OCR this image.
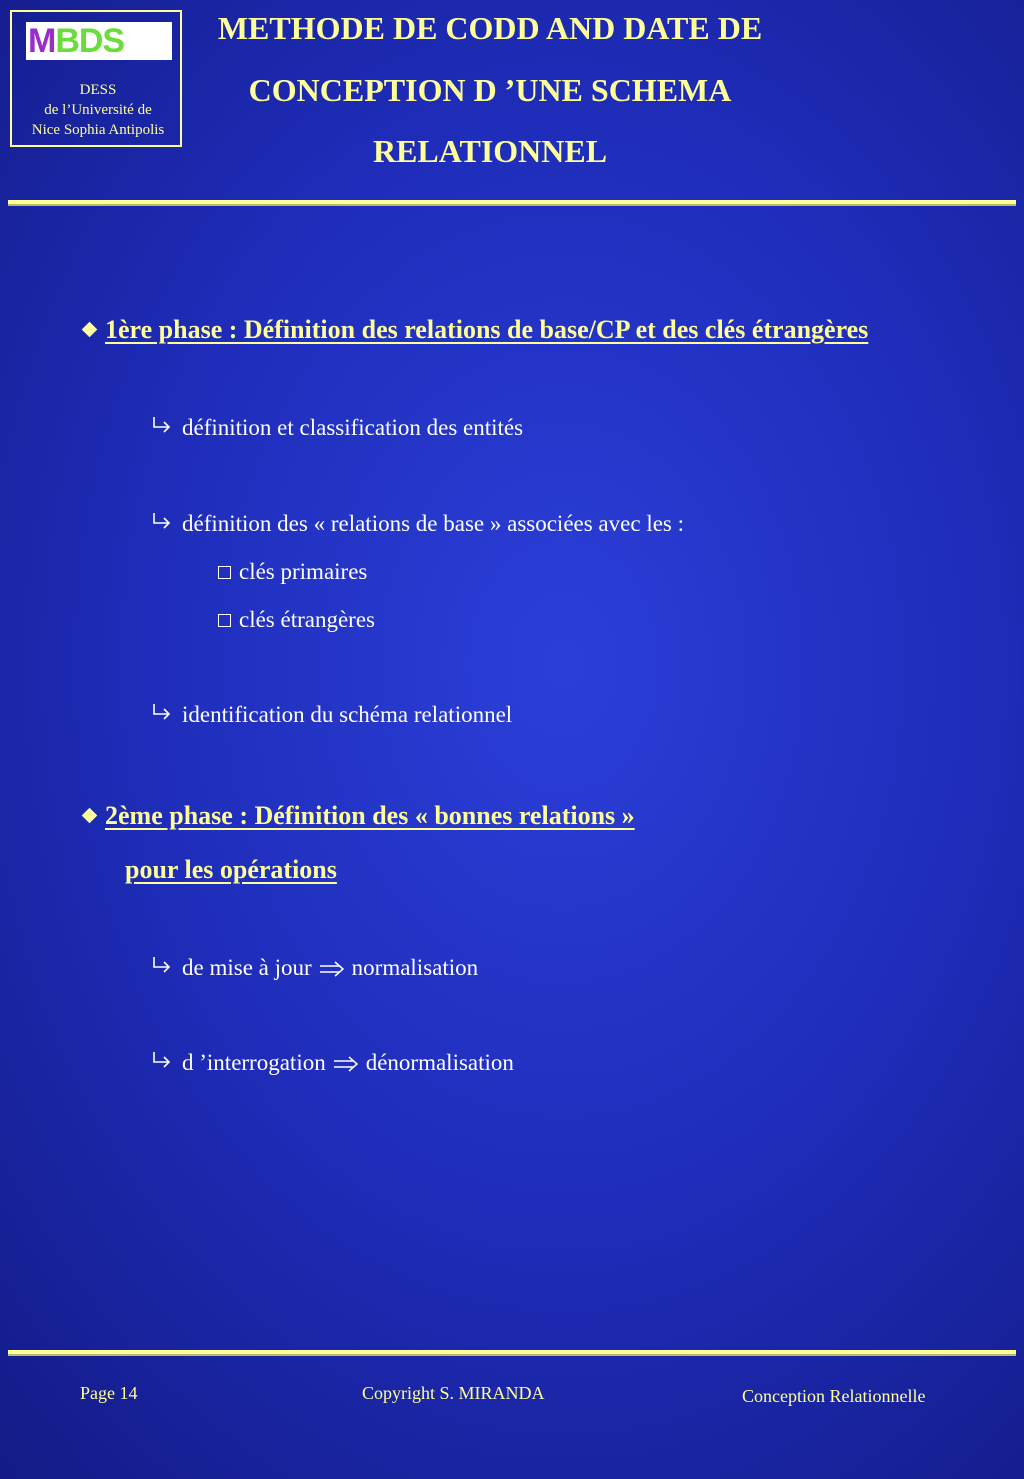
MBDS
DESS
de l’Université de
Nice Sophia Antipolis
METHODE DE CODD AND DATE DE
CONCEPTION D ’UNE SCHEMA
RELATIONNEL
1ère phase : Définition des relations de base/CP et des clés étrangères
définition et classification des entités
définition des « relations de base » associées avec les :
clés primaires
clés étrangères
identification du schéma relationnel
2ème phase : Définition des « bonnes relations »
pour les opérations
de mise à jour normalisation
d ’interrogation dénormalisation
Page 14	Copyright S. MIRANDA	Conception Relationnelle
